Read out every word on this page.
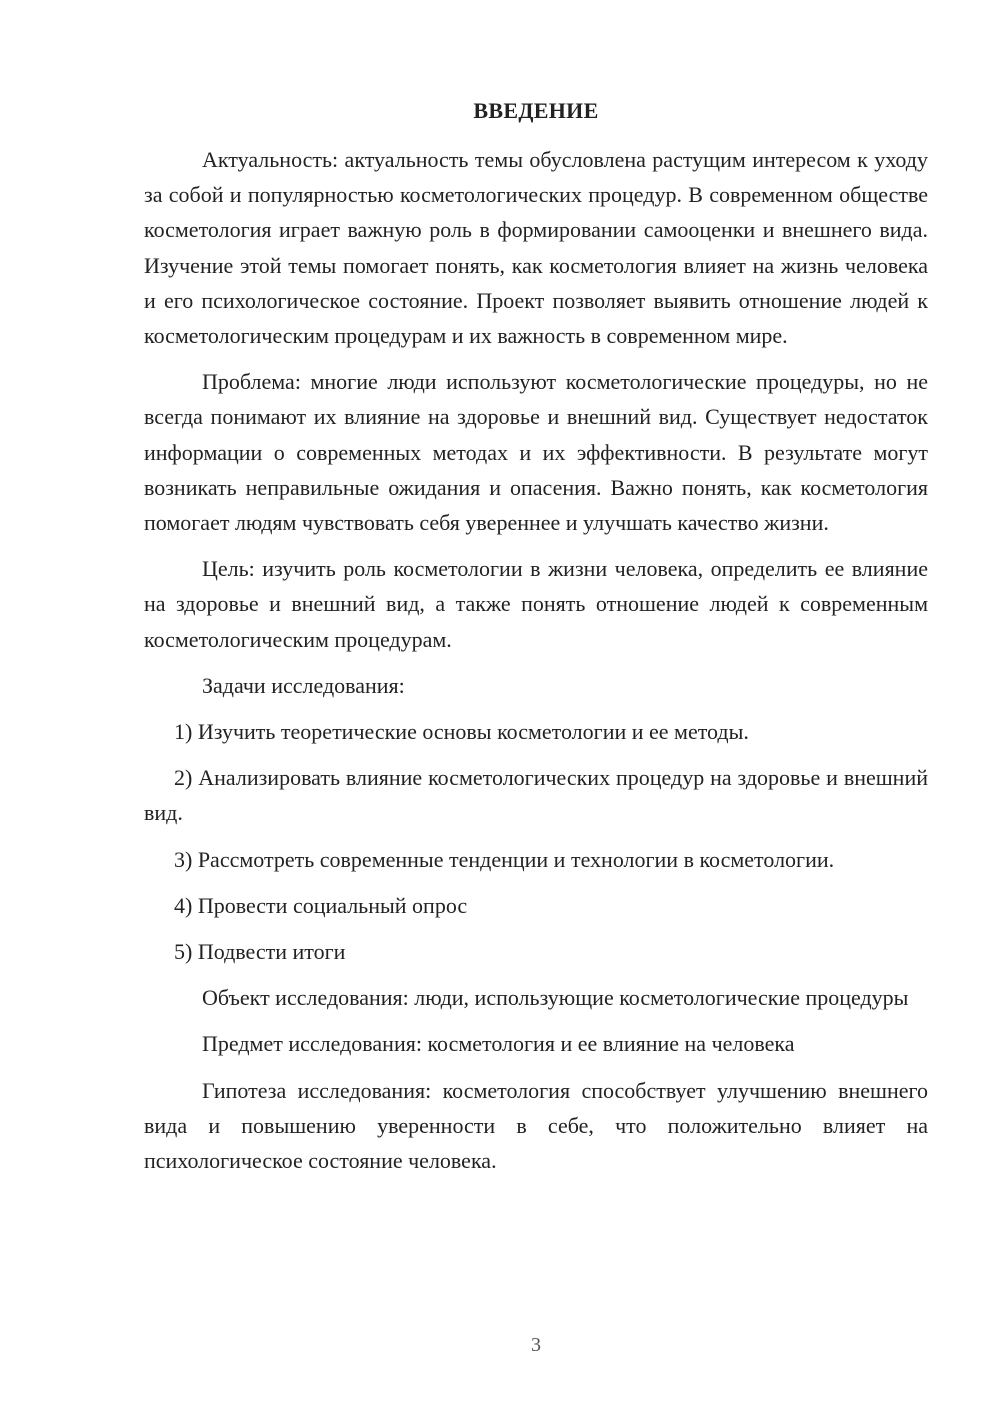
ВВЕДЕНИЕ

Актуальность: актуальность темы обусловлена растущим интересом к уходу за собой и популярностью косметологических процедур. В современном обществе косметология играет важную роль в формировании самооценки и внешнего вида. Изучение этой темы помогает понять, как косметология влияет на жизнь человека и его психологическое состояние. Проект позволяет выявить отношение людей к косметологическим процедурам и их важность в современном мире.

Проблема: многие люди используют косметологические процедуры, но не всегда понимают их влияние на здоровье и внешний вид. Существует недостаток информации о современных методах и их эффективности. В результате могут возникать неправильные ожидания и опасения. Важно понять, как косметология помогает людям чувствовать себя увереннее и улучшать качество жизни.

Цель: изучить роль косметологии в жизни человека, определить ее влияние на здоровье и внешний вид, а также понять отношение людей к современным косметологическим процедурам.

Задачи исследования:

1) Изучить теоретические основы косметологии и ее методы.

2) Анализировать влияние косметологических процедур на здоровье и внешний вид.

3) Рассмотреть современные тенденции и технологии в косметологии.

4) Провести социальный опрос

5) Подвести итоги

Объект исследования: люди, использующие косметологические процедуры

Предмет исследования: косметология и ее влияние на человека

Гипотеза исследования: косметология способствует улучшению внешнего вида и повышению уверенности в себе, что положительно влияет на психологическое состояние человека.

3
